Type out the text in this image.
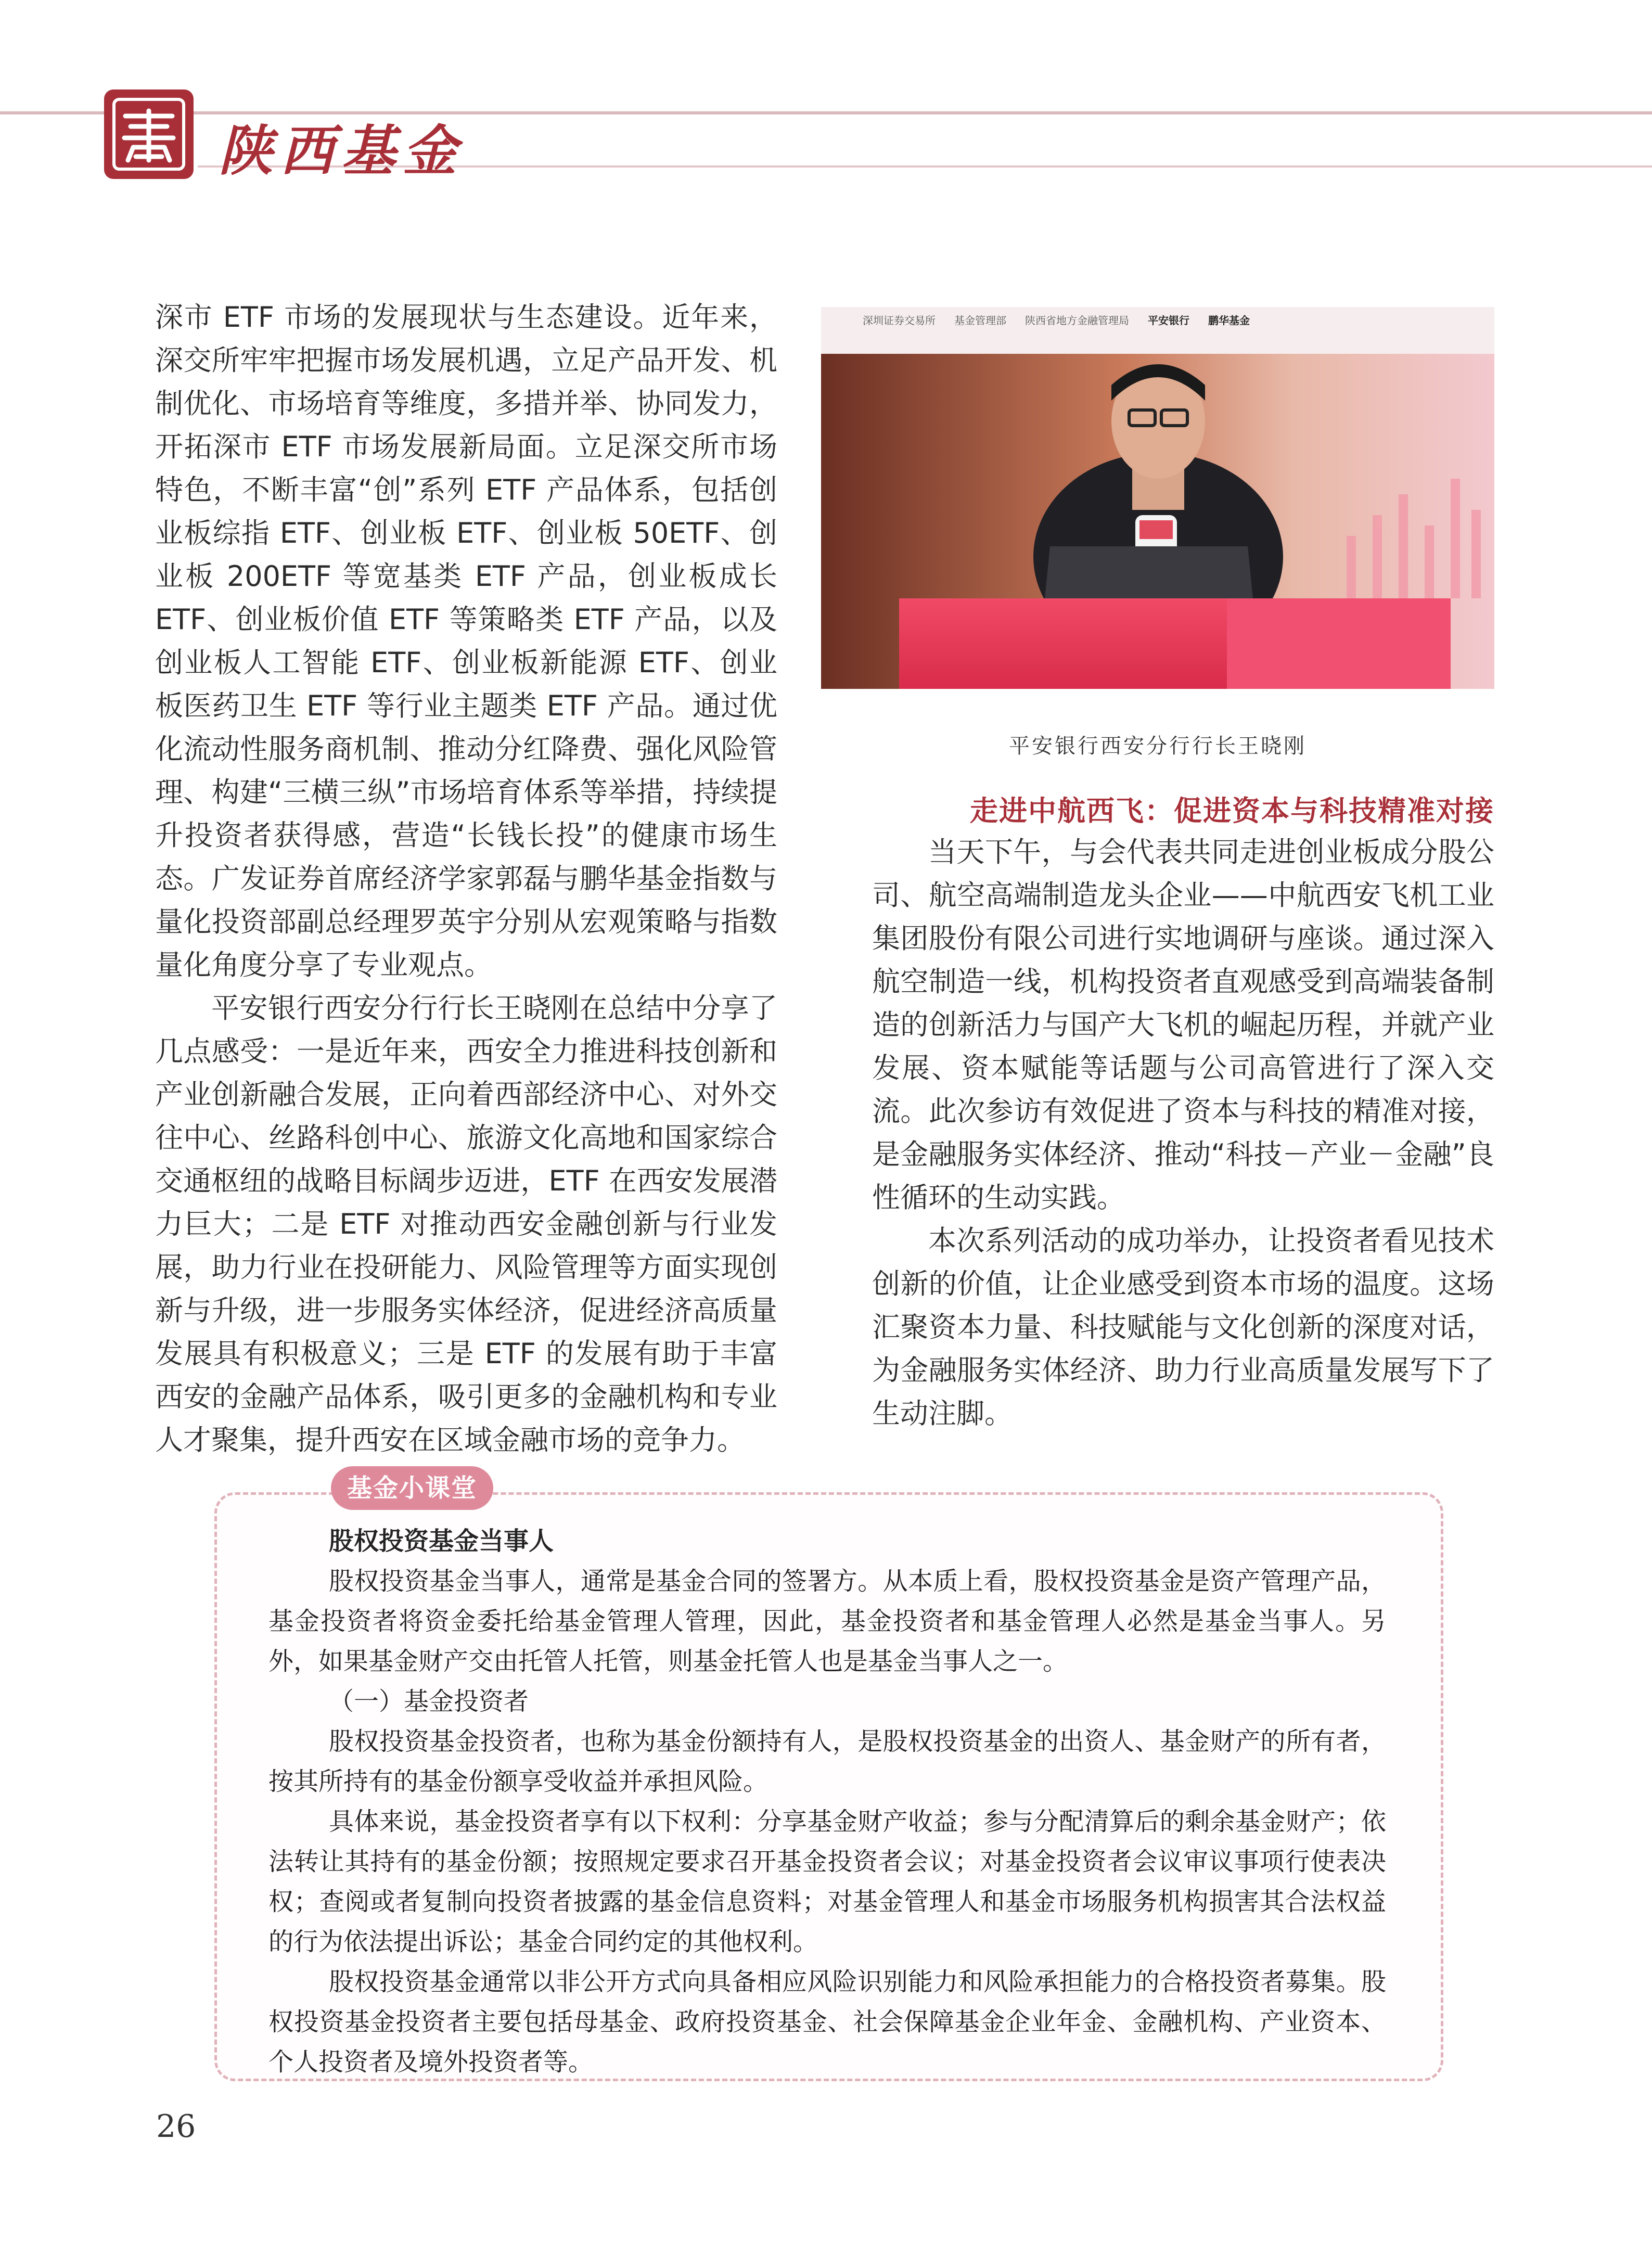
陕西基金

深市 ETF 市场的发展现状与生态建设。近年来，深交所牢牢把握市场发展机遇，立足产品开发、机制优化、市场培育等维度，多措并举、协同发力，开拓深市 ETF 市场发展新局面。立足深交所市场特色，不断丰富“创”系列 ETF 产品体系，包括创业板综指 ETF、创业板 ETF、创业板 50ETF、创业板 200ETF 等宽基类 ETF 产品，创业板成长 ETF、创业板价值 ETF 等策略类 ETF 产品，以及创业板人工智能 ETF、创业板新能源 ETF、创业板医药卫生 ETF 等行业主题类 ETF 产品。通过优化流动性服务商机制、推动分红降费、强化风险管理、构建“三横三纵”市场培育体系等举措，持续提升投资者获得感，营造“长钱长投”的健康市场生态。广发证券首席经济学家郭磊与鹏华基金指数与量化投资部副总经理罗英宇分别从宏观策略与指数量化角度分享了专业观点。

平安银行西安分行行长王晓刚在总结中分享了几点感受：一是近年来，西安全力推进科技创新和产业创新融合发展，正向着西部经济中心、对外交往中心、丝路科创中心、旅游文化高地和国家综合交通枢纽的战略目标阔步迈进，ETF 在西安发展潜力巨大；二是 ETF 对推动西安金融创新与行业发展，助力行业在投研能力、风险管理等方面实现创新与升级，进一步服务实体经济，促进经济高质量发展具有积极意义；三是 ETF 的发展有助于丰富西安的金融产品体系，吸引更多的金融机构和专业人才聚集，提升西安在区域金融市场的竞争力。

深圳证券交易所 基金管理部 陕西省地方金融管理局 平安银行 鹏华基金
平安银行西安分行行长王晓刚
走进中航西飞：促进资本与科技精准对接

当天下午，与会代表共同走进创业板成分股公司、航空高端制造龙头企业——中航西安飞机工业集团股份有限公司进行实地调研与座谈。通过深入航空制造一线，机构投资者直观感受到高端装备制造的创新活力与国产大飞机的崛起历程，并就产业发展、资本赋能等话题与公司高管进行了深入交流。此次参访有效促进了资本与科技的精准对接，是金融服务实体经济、推动“科技－产业－金融”良性循环的生动实践。

本次系列活动的成功举办，让投资者看见技术创新的价值，让企业感受到资本市场的温度。这场汇聚资本力量、科技赋能与文化创新的深度对话，为金融服务实体经济、助力行业高质量发展写下了生动注脚。

基金小课堂

股权投资基金当事人

股权投资基金当事人，通常是基金合同的签署方。从本质上看，股权投资基金是资产管理产品，基金投资者将资金委托给基金管理人管理，因此，基金投资者和基金管理人必然是基金当事人。另外，如果基金财产交由托管人托管，则基金托管人也是基金当事人之一。

（一）基金投资者

股权投资基金投资者，也称为基金份额持有人，是股权投资基金的出资人、基金财产的所有者，按其所持有的基金份额享受收益并承担风险。

具体来说，基金投资者享有以下权利：分享基金财产收益；参与分配清算后的剩余基金财产；依法转让其持有的基金份额；按照规定要求召开基金投资者会议；对基金投资者会议审议事项行使表决权；查阅或者复制向投资者披露的基金信息资料；对基金管理人和基金市场服务机构损害其合法权益的行为依法提出诉讼；基金合同约定的其他权利。

股权投资基金通常以非公开方式向具备相应风险识别能力和风险承担能力的合格投资者募集。股权投资基金投资者主要包括母基金、政府投资基金、社会保障基金企业年金、金融机构、产业资本、个人投资者及境外投资者等。

26
